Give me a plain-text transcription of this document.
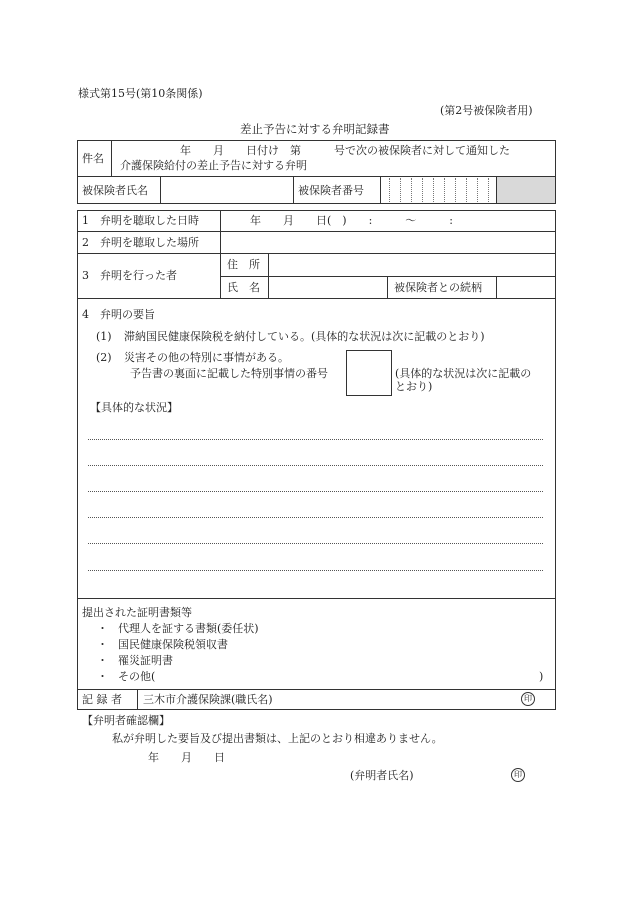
様式第15号(第10条関係)
(第2号被保険者用)
差止予告に対する弁明記録書
件名
年　　月　　日付け　第　　　号で次の被保険者に対して通知した
介護保険給付の差止予告に対する弁明
被保険者氏名	被保険者番号
1　弁明を聴取した日時	年　　月　　日(　)　　:　　　〜　　　:
2　弁明を聴取した場所
3　弁明を行った者
住　所
氏　名	被保険者との続柄
4　弁明の要旨
(1) 滞納国民健康保険税を納付している。(具体的な状況は次に記載のとおり)
(2) 災害その他の特別に事情がある。
予告書の裏面に記載した特別事情の番号	(具体的な状況は次に記載の
とおり)
【具体的な状況】
提出された証明書類等
・ 代理人を証する書類(委任状)
・ 国民健康保険税領収書
・ 罹災証明書
・ その他(	)
記 録 者 三木市介護保険課(職氏名)	印
【弁明者確認欄】
私が弁明した要旨及び提出書類は、上記のとおり相違ありません。
年　　月　　日
(弁明者氏名)	印
